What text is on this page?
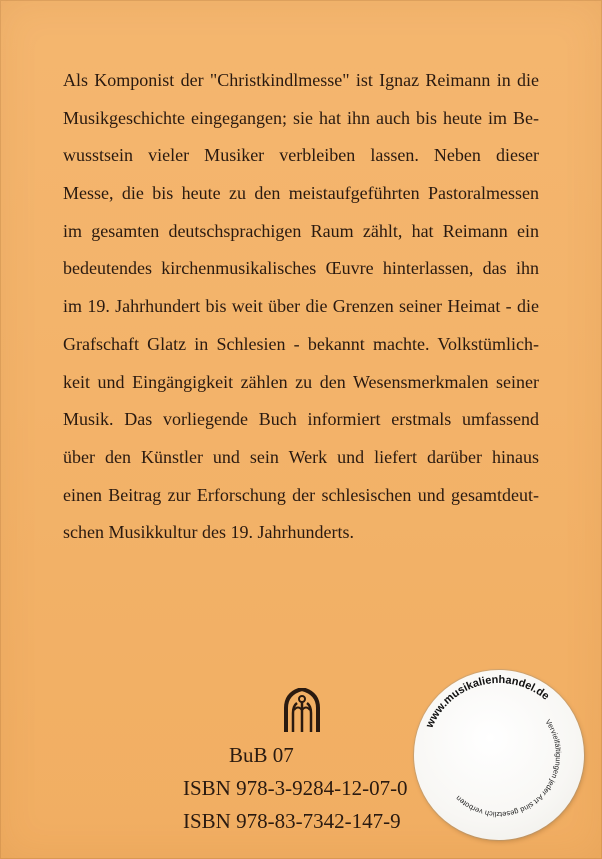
Als Komponist der "Christkindlmesse" ist Ignaz Reimann in die
Musikgeschichte eingegangen; sie hat ihn auch bis heute im Be-
wusstsein vieler Musiker verbleiben lassen. Neben dieser
Messe, die bis heute zu den meistaufgeführten Pastoralmessen
im gesamten deutschsprachigen Raum zählt, hat Reimann ein
bedeutendes kirchenmusikalisches Œuvre hinterlassen, das ihn
im 19. Jahrhundert bis weit über die Grenzen seiner Heimat - die
Grafschaft Glatz in Schlesien - bekannt machte. Volkstümlich-
keit und Eingängigkeit zählen zu den Wesensmerkmalen seiner
Musik. Das vorliegende Buch informiert erstmals umfassend
über den Künstler und sein Werk und liefert darüber hinaus
einen Beitrag zur Erforschung der schlesischen und gesamtdeut-
schen Musikkultur des 19. Jahrhunderts.
BuB 07
ISBN 978-3-9284-12-07-0
ISBN 978-83-7342-147-9
www.musikalienhandel.de
Vervielfältigungen jeder Art sind gesetzlich verboten
